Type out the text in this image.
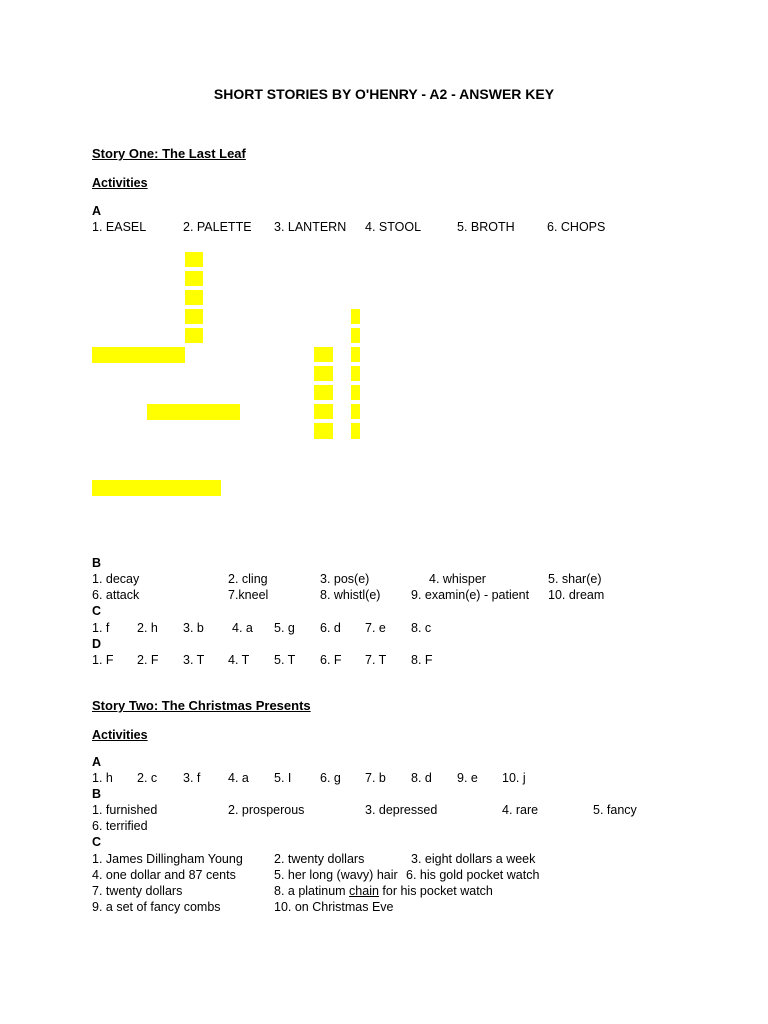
SHORT STORIES BY O'HENRY - A2 - ANSWER KEY
Story One: The Last Leaf
Activities
A
1. EASEL	2. PALETTE 3. LANTERN 4. STOOL	5. BROTH	6. CHOPS
B
1. decay	2. cling	3. pos(e)	4. whisper	5. shar(e)
6. attack	7.kneel	8. whistl(e) 9. examin(e) - patient 10. dream
C
1. f 2. h 3. b 4. a 5. g 6. d 7. e 8. c
D
1. F 2. F 3. T 4. T 5. T 6. F 7. T 8. F
Story Two: The Christmas Presents
Activities
A
1. h 2. c 3. f 4. a 5. I 6. g 7. b 8. d 9. e 10. j
B
1. furnished	2. prosperous	3. depressed	4. rare	5. fancy
6. terrified
C
1. James Dillingham Young 2. twenty dollars	3. eight dollars a week
4. one dollar and 87 cents	5. her long (wavy) hair 6. his gold pocket watch
7. twenty dollars	8. a platinum chain for his pocket watch
9. a set of fancy combs	10. on Christmas Eve
